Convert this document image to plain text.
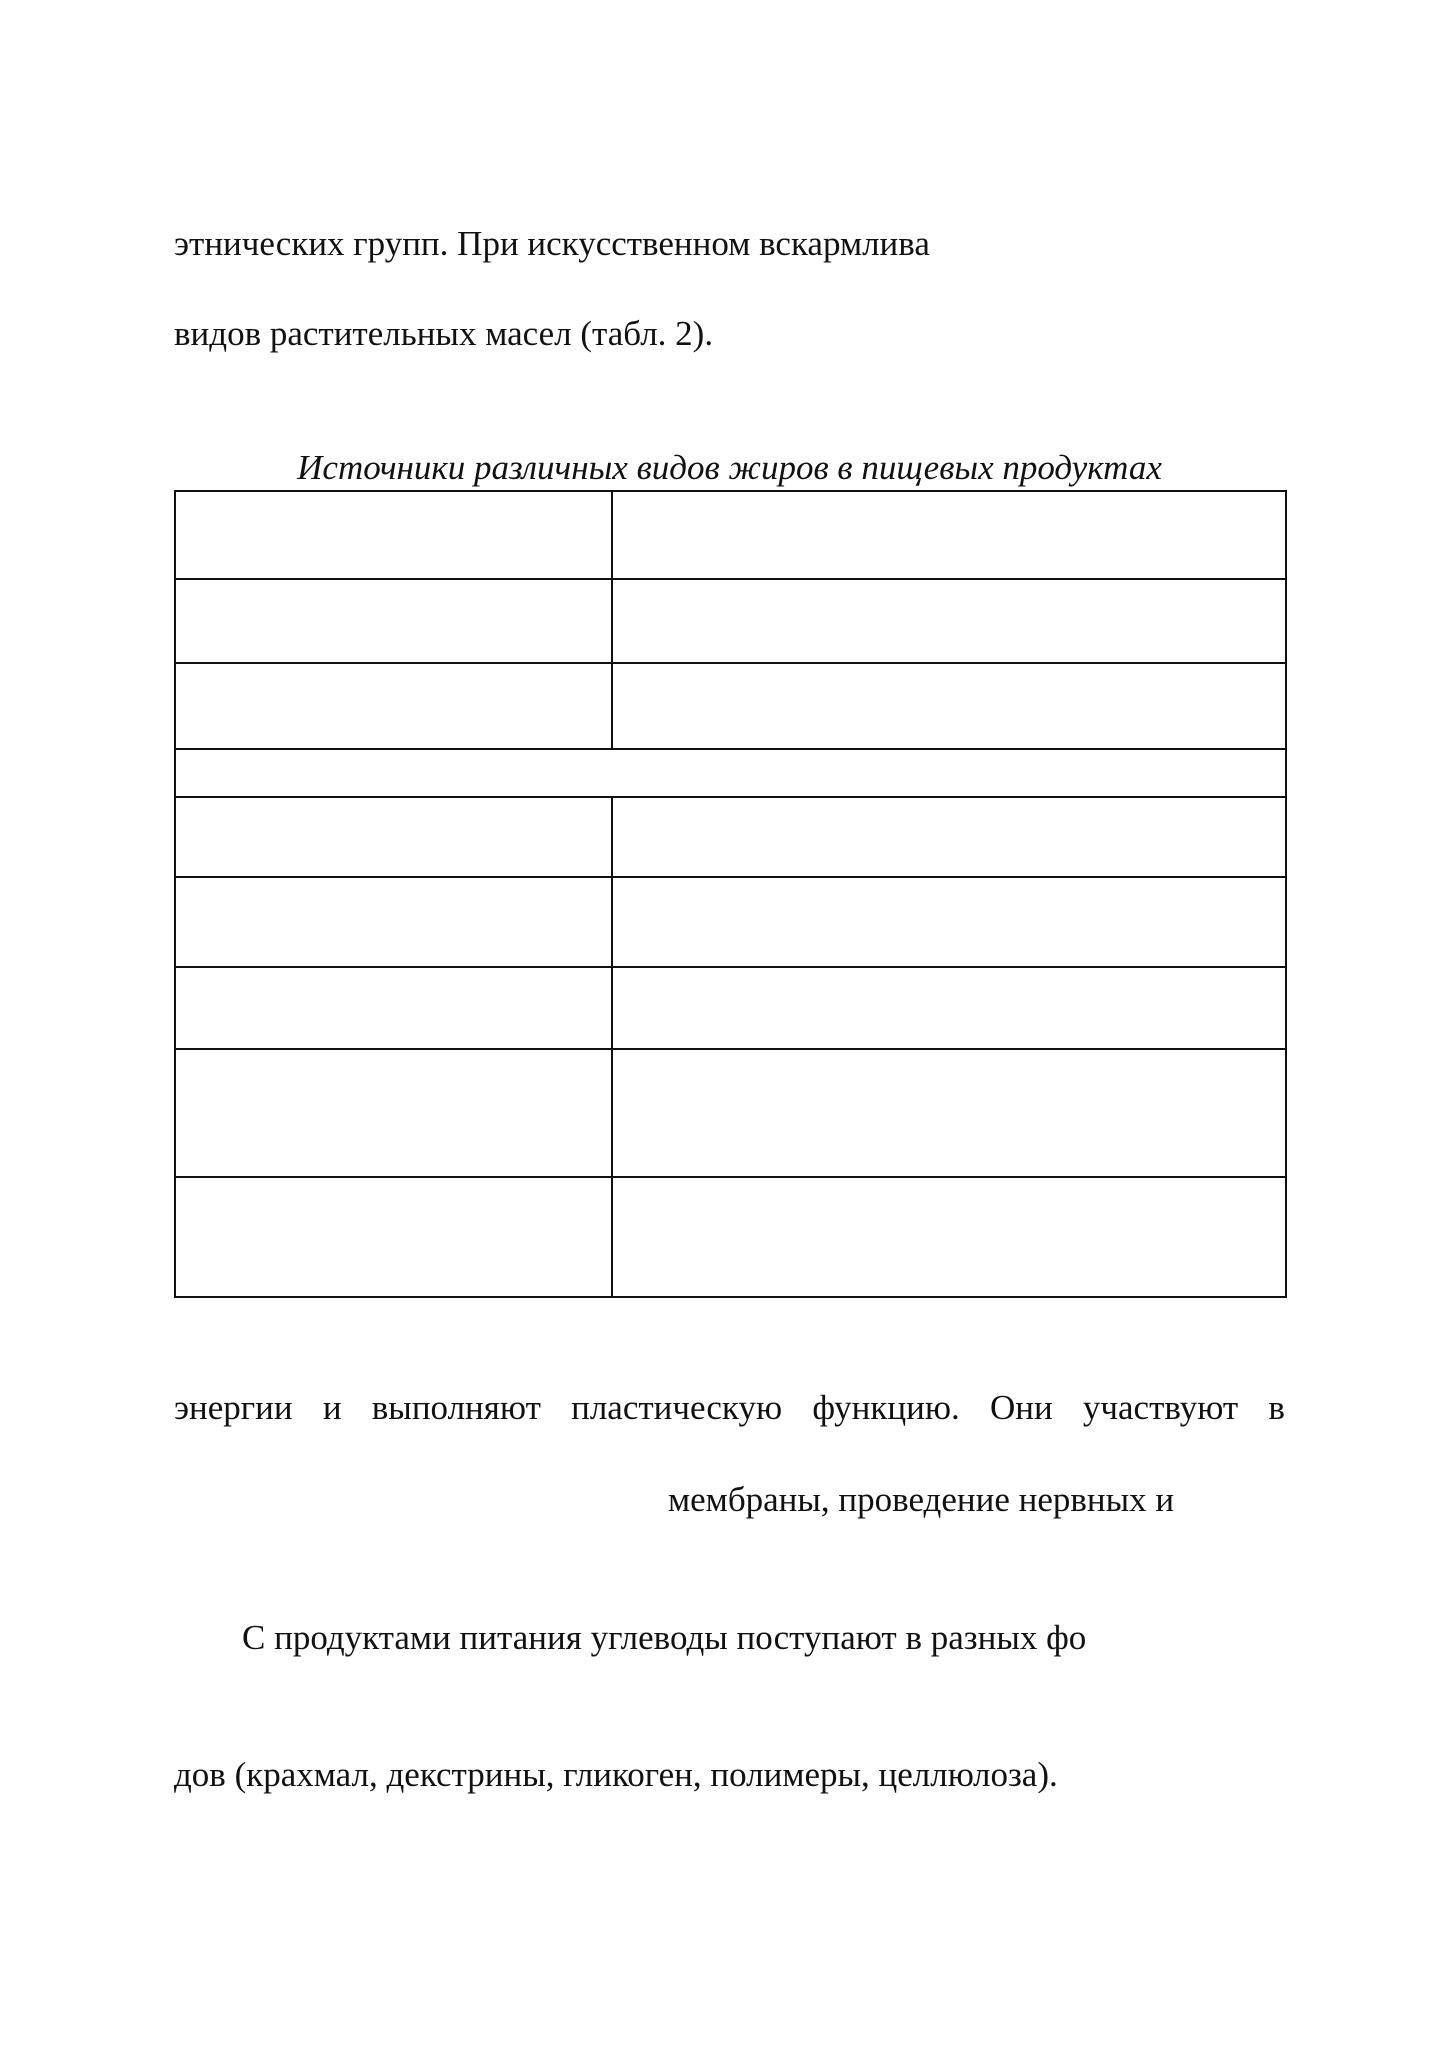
этнических групп. При искусственном вскармлива
видов растительных масел (табл. 2).
Источники различных видов жиров в пищевых продуктах

энергии и выполняют пластическую функцию. Они участвуют в
мембраны, проведение нервных и
С продуктами питания углеводы поступают в разных фо
дов (крахмал, декстрины, гликоген, полимеры, целлюлоза).
